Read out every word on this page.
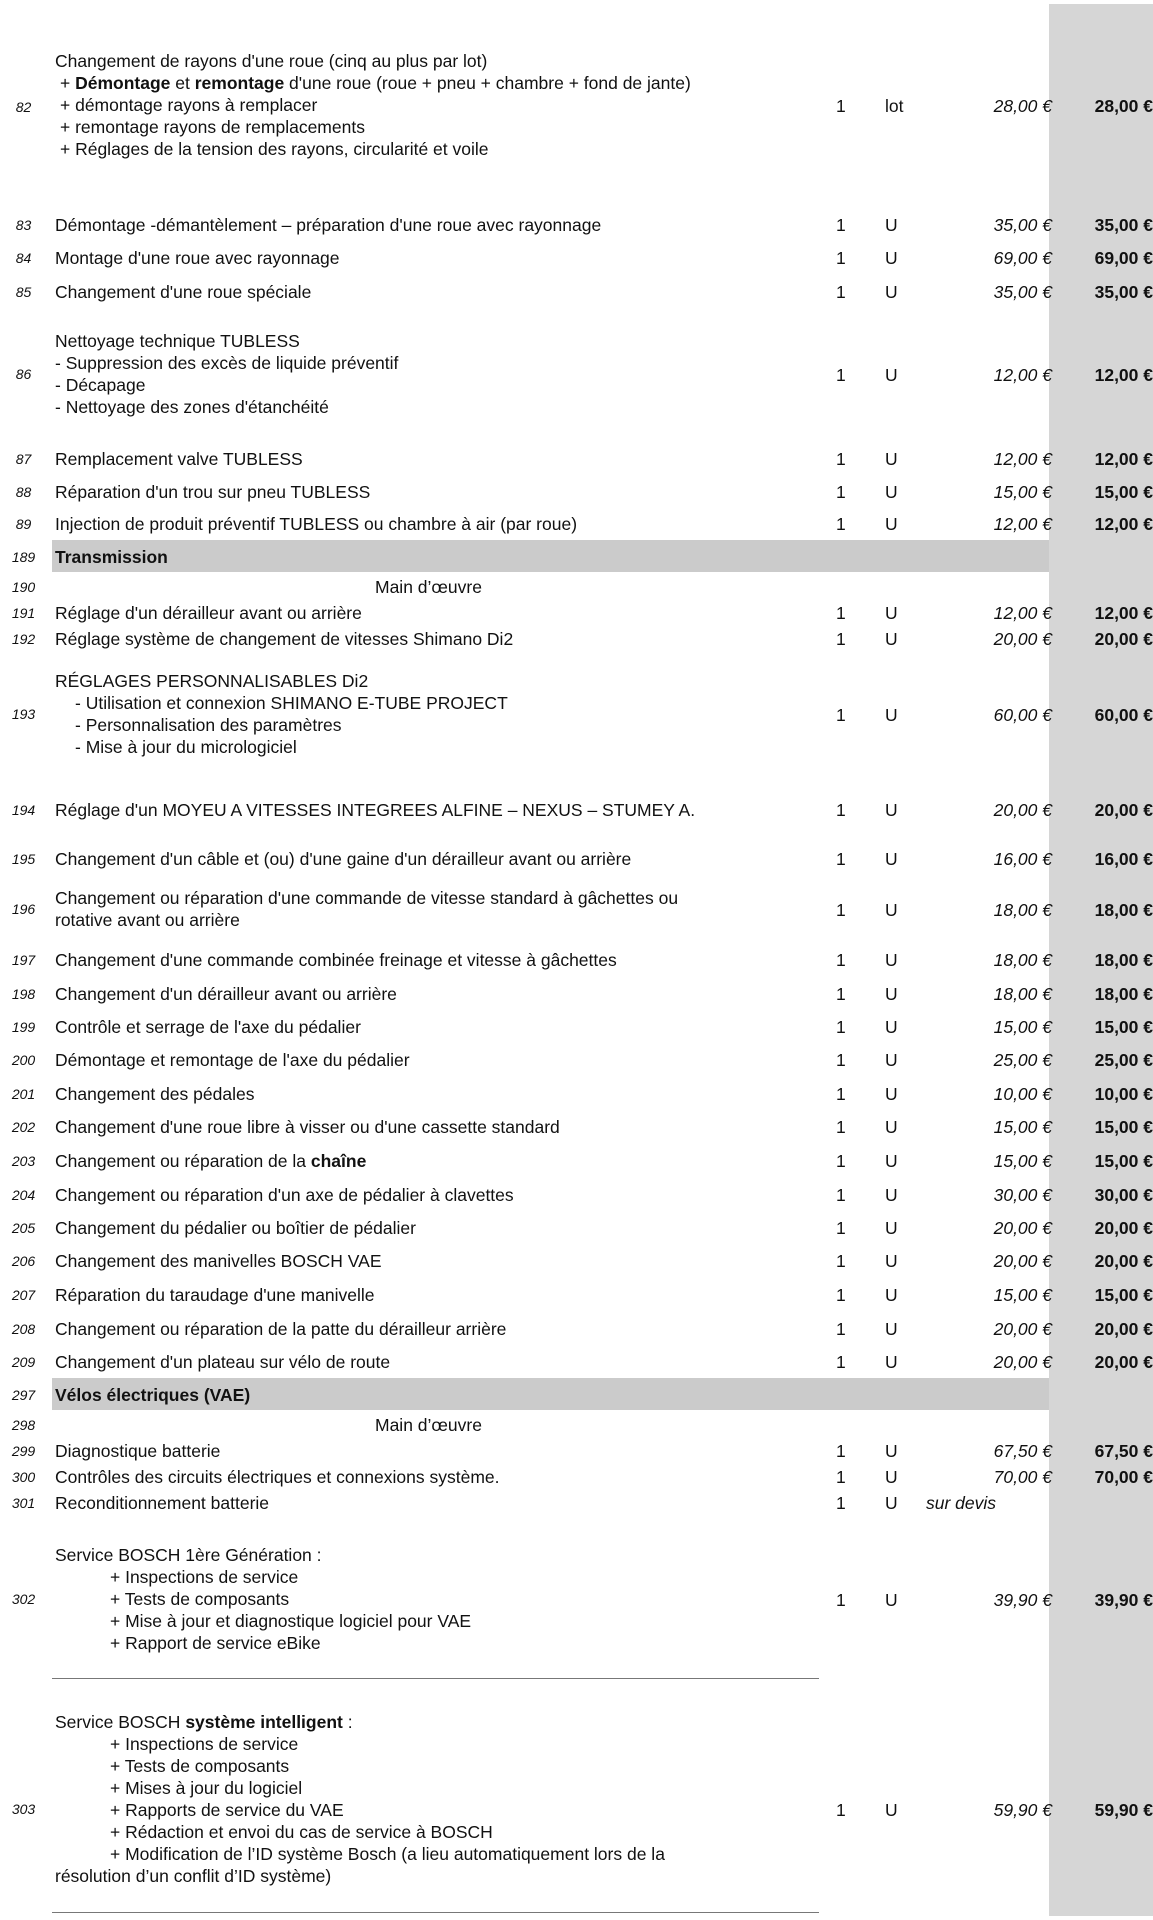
82
Changement de rayons d'une roue (cinq au plus par lot)
+ Démontage et remontage d'une roue (roue + pneu + chambre + fond de jante)
+ démontage rayons à remplacer
+ remontage rayons de remplacements
+ Réglages de la tension des rayons, circularité et voile
1 lot	28,00 €	28,00 €
83	Démontage -démantèlement – préparation d'une roue avec rayonnage	1 U	35,00 €	35,00 €
84	Montage d'une roue avec rayonnage	1 U	69,00 €	69,00 €
85	Changement d'une roue spéciale	1 U	35,00 €	35,00 €
86
Nettoyage technique TUBLESS
- Suppression des excès de liquide préventif
- Décapage
- Nettoyage des zones d'étanchéité
1 U	12,00 €	12,00 €
87	Remplacement valve TUBLESS	1 U	12,00 €	12,00 €
88	Réparation d'un trou sur pneu TUBLESS	1 U	15,00 €	15,00 €
89	Injection de produit préventif TUBLESS ou chambre à air (par roue)	1 U	12,00 €	12,00 €
189	Transmission
190	Main d’œuvre
191	Réglage d'un dérailleur avant ou arrière	1 U	12,00 €	12,00 €
192	Réglage système de changement de vitesses Shimano Di2	1 U	20,00 €	20,00 €
193
RÉGLAGES PERSONNALISABLES Di2
- Utilisation et connexion SHIMANO E-TUBE PROJECT
- Personnalisation des paramètres
- Mise à jour du micrologiciel
1 U	60,00 €	60,00 €
194	Réglage d'un MOYEU A VITESSES INTEGREES ALFINE – NEXUS – STUMEY A.	1 U	20,00 €	20,00 €
195	Changement d'un câble et (ou) d'une gaine d'un dérailleur avant ou arrière	1 U	16,00 €	16,00 €
196
Changement ou réparation d'une commande de vitesse standard à gâchettes ou
rotative avant ou arrière	1 U	18,00 €	18,00 €
197	Changement d'une commande combinée freinage et vitesse à gâchettes	1 U	18,00 €	18,00 €
198	Changement d'un dérailleur avant ou arrière	1 U	18,00 €	18,00 €
199	Contrôle et serrage de l'axe du pédalier	1 U	15,00 €	15,00 €
200	Démontage et remontage de l'axe du pédalier	1 U	25,00 €	25,00 €
201	Changement des pédales	1 U	10,00 €	10,00 €
202	Changement d'une roue libre à visser ou d'une cassette standard	1 U	15,00 €	15,00 €
203	Changement ou réparation de la chaîne	1 U	15,00 €	15,00 €
204	Changement ou réparation d'un axe de pédalier à clavettes	1 U	30,00 €	30,00 €
205	Changement du pédalier ou boîtier de pédalier	1 U	20,00 €	20,00 €
206	Changement des manivelles BOSCH VAE	1 U	20,00 €	20,00 €
207	Réparation du taraudage d'une manivelle	1 U	15,00 €	15,00 €
208	Changement ou réparation de la patte du dérailleur arrière	1 U	20,00 €	20,00 €
209	Changement d'un plateau sur vélo de route	1 U	20,00 €	20,00 €
297	Vélos électriques (VAE)
298	Main d’œuvre
299	Diagnostique batterie	1 U	67,50 €	67,50 €
300	Contrôles des circuits électriques et connexions système.	1 U	70,00 €	70,00 €
301	Reconditionnement batterie	1 U sur devis
302
Service BOSCH 1ère Génération :
+ Inspections de service
+ Tests de composants
+ Mise à jour et diagnostique logiciel pour VAE
+ Rapport de service eBike
1 U	39,90 €	39,90 €
303
Service BOSCH système intelligent :
+ Inspections de service
+ Tests de composants
+ Mises à jour du logiciel
+ Rapports de service du VAE
+ Rédaction et envoi du cas de service à BOSCH
+ Modification de l’ID système Bosch (a lieu automatiquement lors de la
résolution d’un conflit d’ID système)
1 U	59,90 €	59,90 €
